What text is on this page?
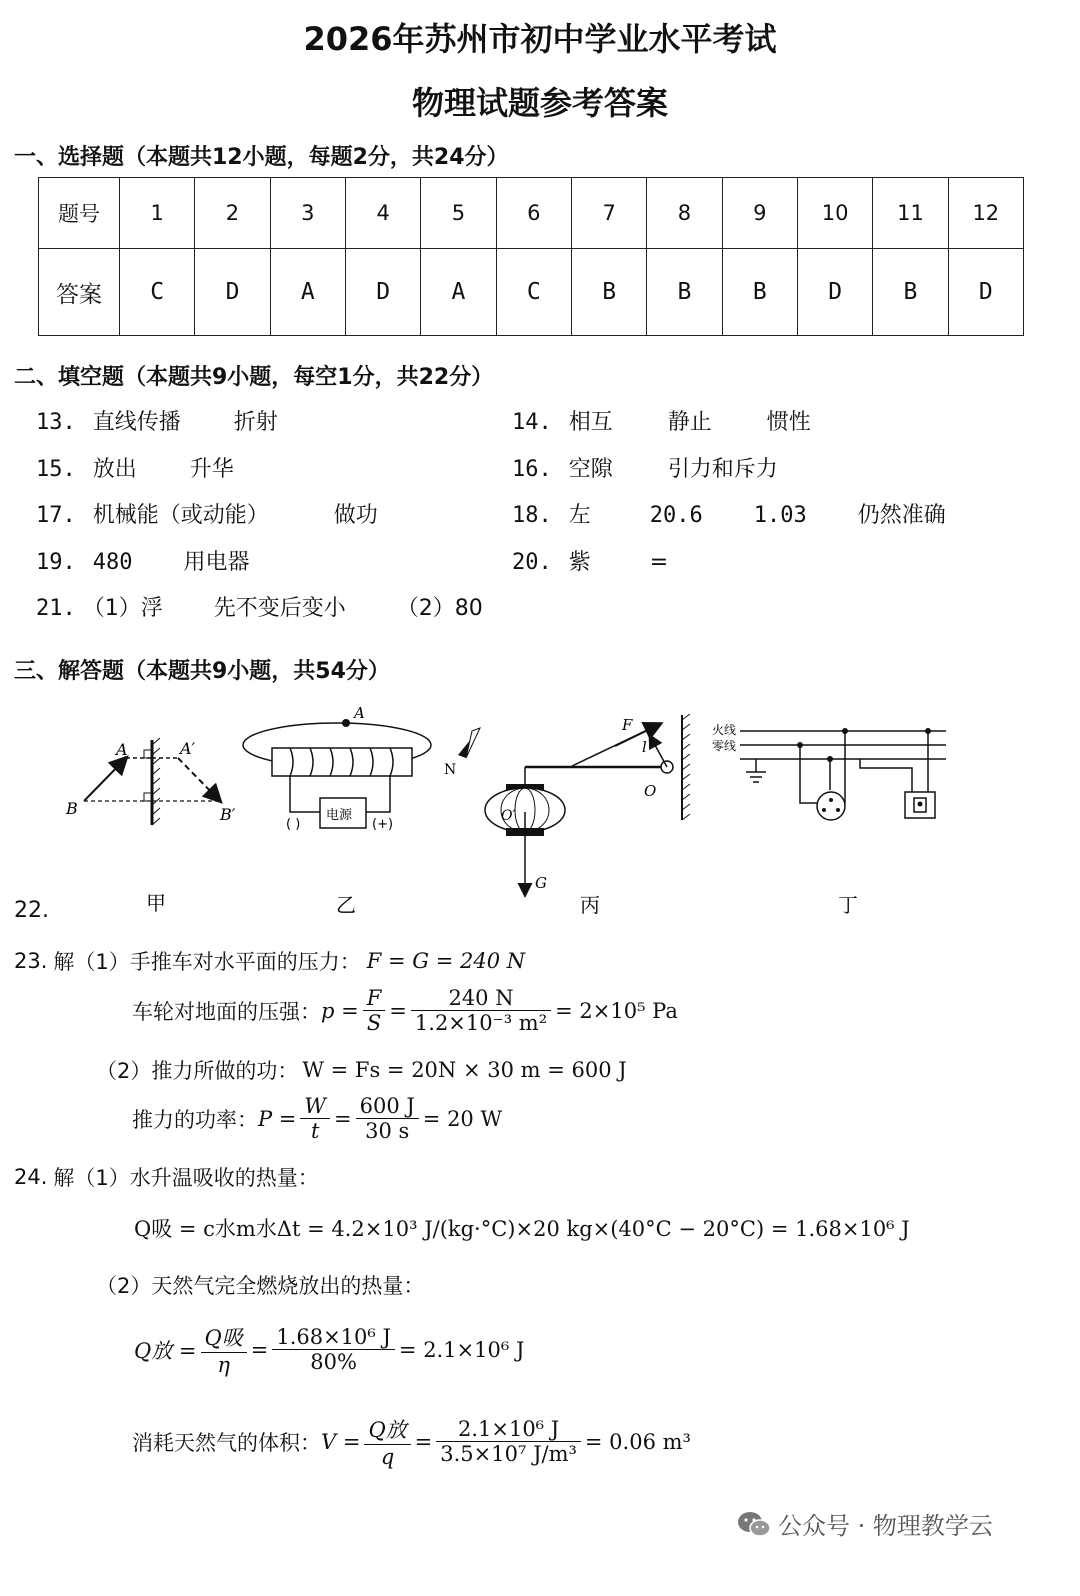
2026年苏州市初中学业水平考试
物理试题参考答案
一、选择题（本题共12小题，每题2分，共24分）
题号	1	2	3	4	5	6	7	8	9	10	11	12
答案	C	D	A	D	A	C	B	B	B	D	B	D
二、填空题（本题共9小题，每空1分，共22分）
13. 直线传播 折射	14. 相互	静止	惯性
15. 放出 升华	16. 空隙	引力和斥力
17. 机械能（或动能）	做功	18. 左	20.6 1.03 仍然准确
19. 480 用电器	20. 紫	=
21. （1）浮 先不变后变小 （2）80
三、解答题（本题共9小题，共54分）
22.
A	A′
B	B′
A
电源
( )	(+)
N
F
l
O
O′
G
火线
零线
甲	乙	丙	丁
23. 解（1）手推车对水平面的压力： F = G = 240 N
车轮对地面的压强： $p = \frac{F}{S} = \frac{240 N}{\text{1.2×10⁻³ m²}} = 2\times 10^5$ Pa
（2）推力所做的功： W = Fs = 20N × 30 m = 600 J
推力的功率： $P = \frac{W}{t} = \frac{600 J}{30 s} = 20$ W
24. 解（1）水升温吸收的热量：
Q吸 = c水m水Δt = 4.2×10³ J/(kg·°C)×20 kg×(40°C − 20°C) = 1.68×10⁶ J
（2）天然气完全燃烧放出的热量：
Q放 = $\frac{\text{Q吸}}{\eta} = \frac{\text{1.68×10⁶ J}}{80\%} = 2.1\times 10^6$ J
消耗天然气的体积： $V = \frac{\text{Q放}}{q} = \frac{\text{2.1×10⁶ J}}{\text{3.5×10⁷ J/m³}} = 0.06$ m³
公众号 · 物理教学云
